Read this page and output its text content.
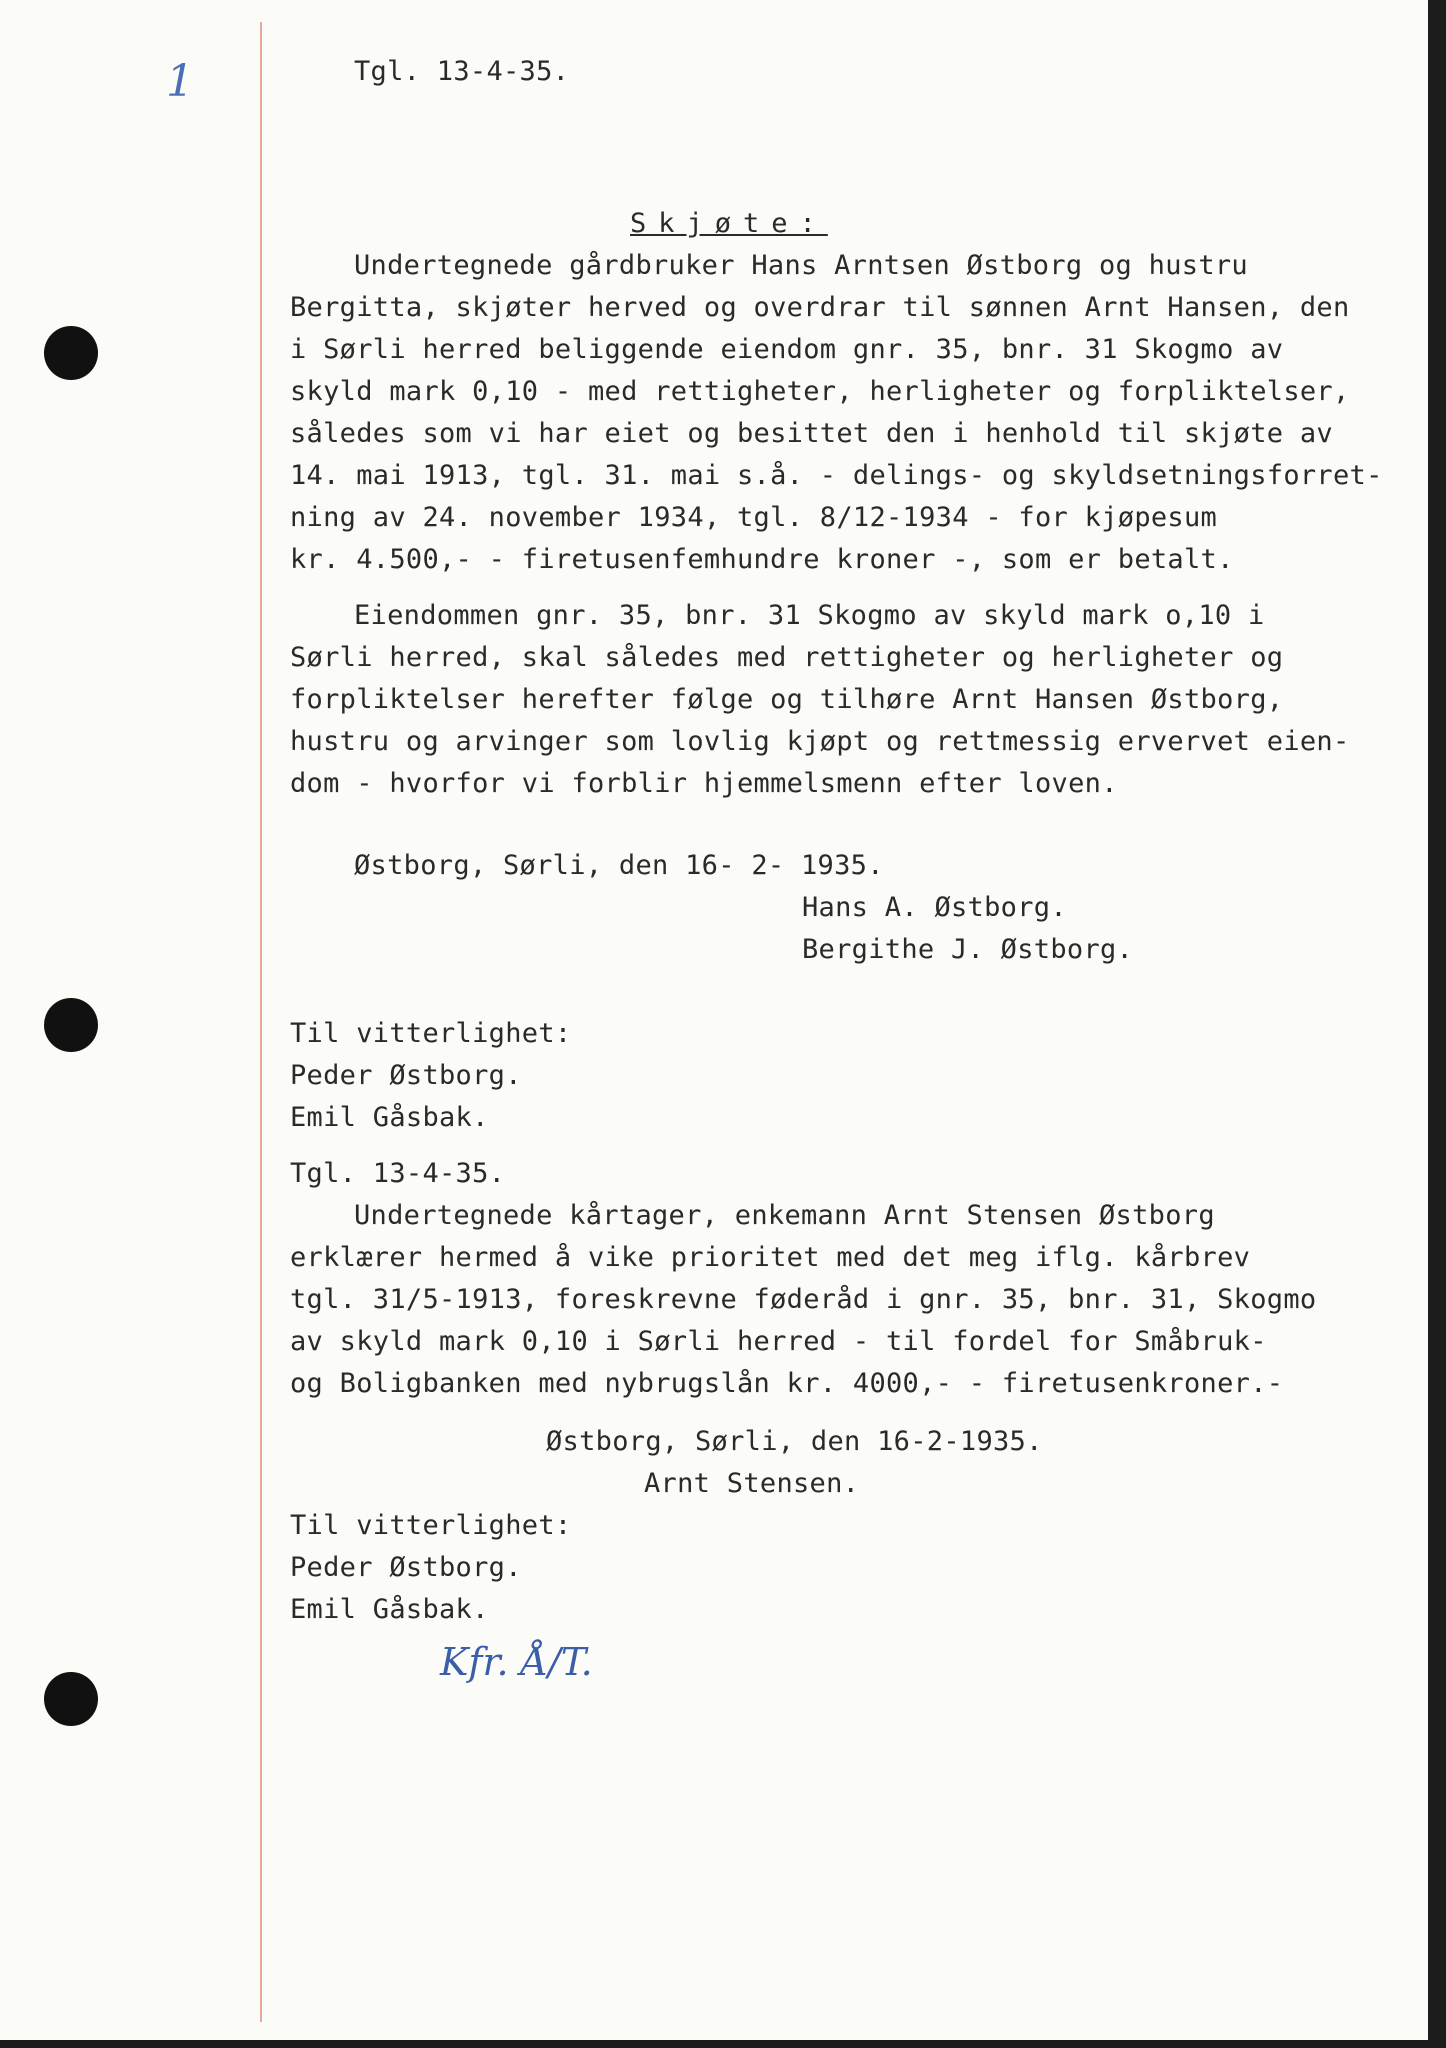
1	Tgl. 13-4-35.
Skjøte:
Undertegnede gårdbruker Hans Arntsen Østborg og hustru
Bergitta, skjøter herved og overdrar til sønnen Arnt Hansen, den
i Sørli herred beliggende eiendom gnr. 35, bnr. 31 Skogmo av
skyld mark 0,10 - med rettigheter, herligheter og forpliktelser,
således som vi har eiet og besittet den i henhold til skjøte av
14. mai 1913, tgl. 31. mai s.å. - delings- og skyldsetningsforret-
ning av 24. november 1934, tgl. 8/12-1934 - for kjøpesum
kr. 4.500,- - firetusenfemhundre kroner -, som er betalt.
Eiendommen gnr. 35, bnr. 31 Skogmo av skyld mark o,10 i
Sørli herred, skal således med rettigheter og herligheter og
forpliktelser herefter følge og tilhøre Arnt Hansen Østborg,
hustru og arvinger som lovlig kjøpt og rettmessig ervervet eien-
dom - hvorfor vi forblir hjemmelsmenn efter loven.
Østborg, Sørli, den 16- 2- 1935.
Hans A. Østborg.
Bergithe J. Østborg.
Til vitterlighet:
Peder Østborg.
Emil Gåsbak.
Tgl. 13-4-35.
Undertegnede kårtager, enkemann Arnt Stensen Østborg
erklærer hermed å vike prioritet med det meg iflg. kårbrev
tgl. 31/5-1913, foreskrevne føderåd i gnr. 35, bnr. 31, Skogmo
av skyld mark 0,10 i Sørli herred - til fordel for Småbruk-
og Boligbanken med nybrugslån kr. 4000,- - firetusenkroner.-
Østborg, Sørli, den 16-2-1935.
Arnt Stensen.
Til vitterlighet:
Peder Østborg.
Emil Gåsbak.
Kfr. Å/T.
